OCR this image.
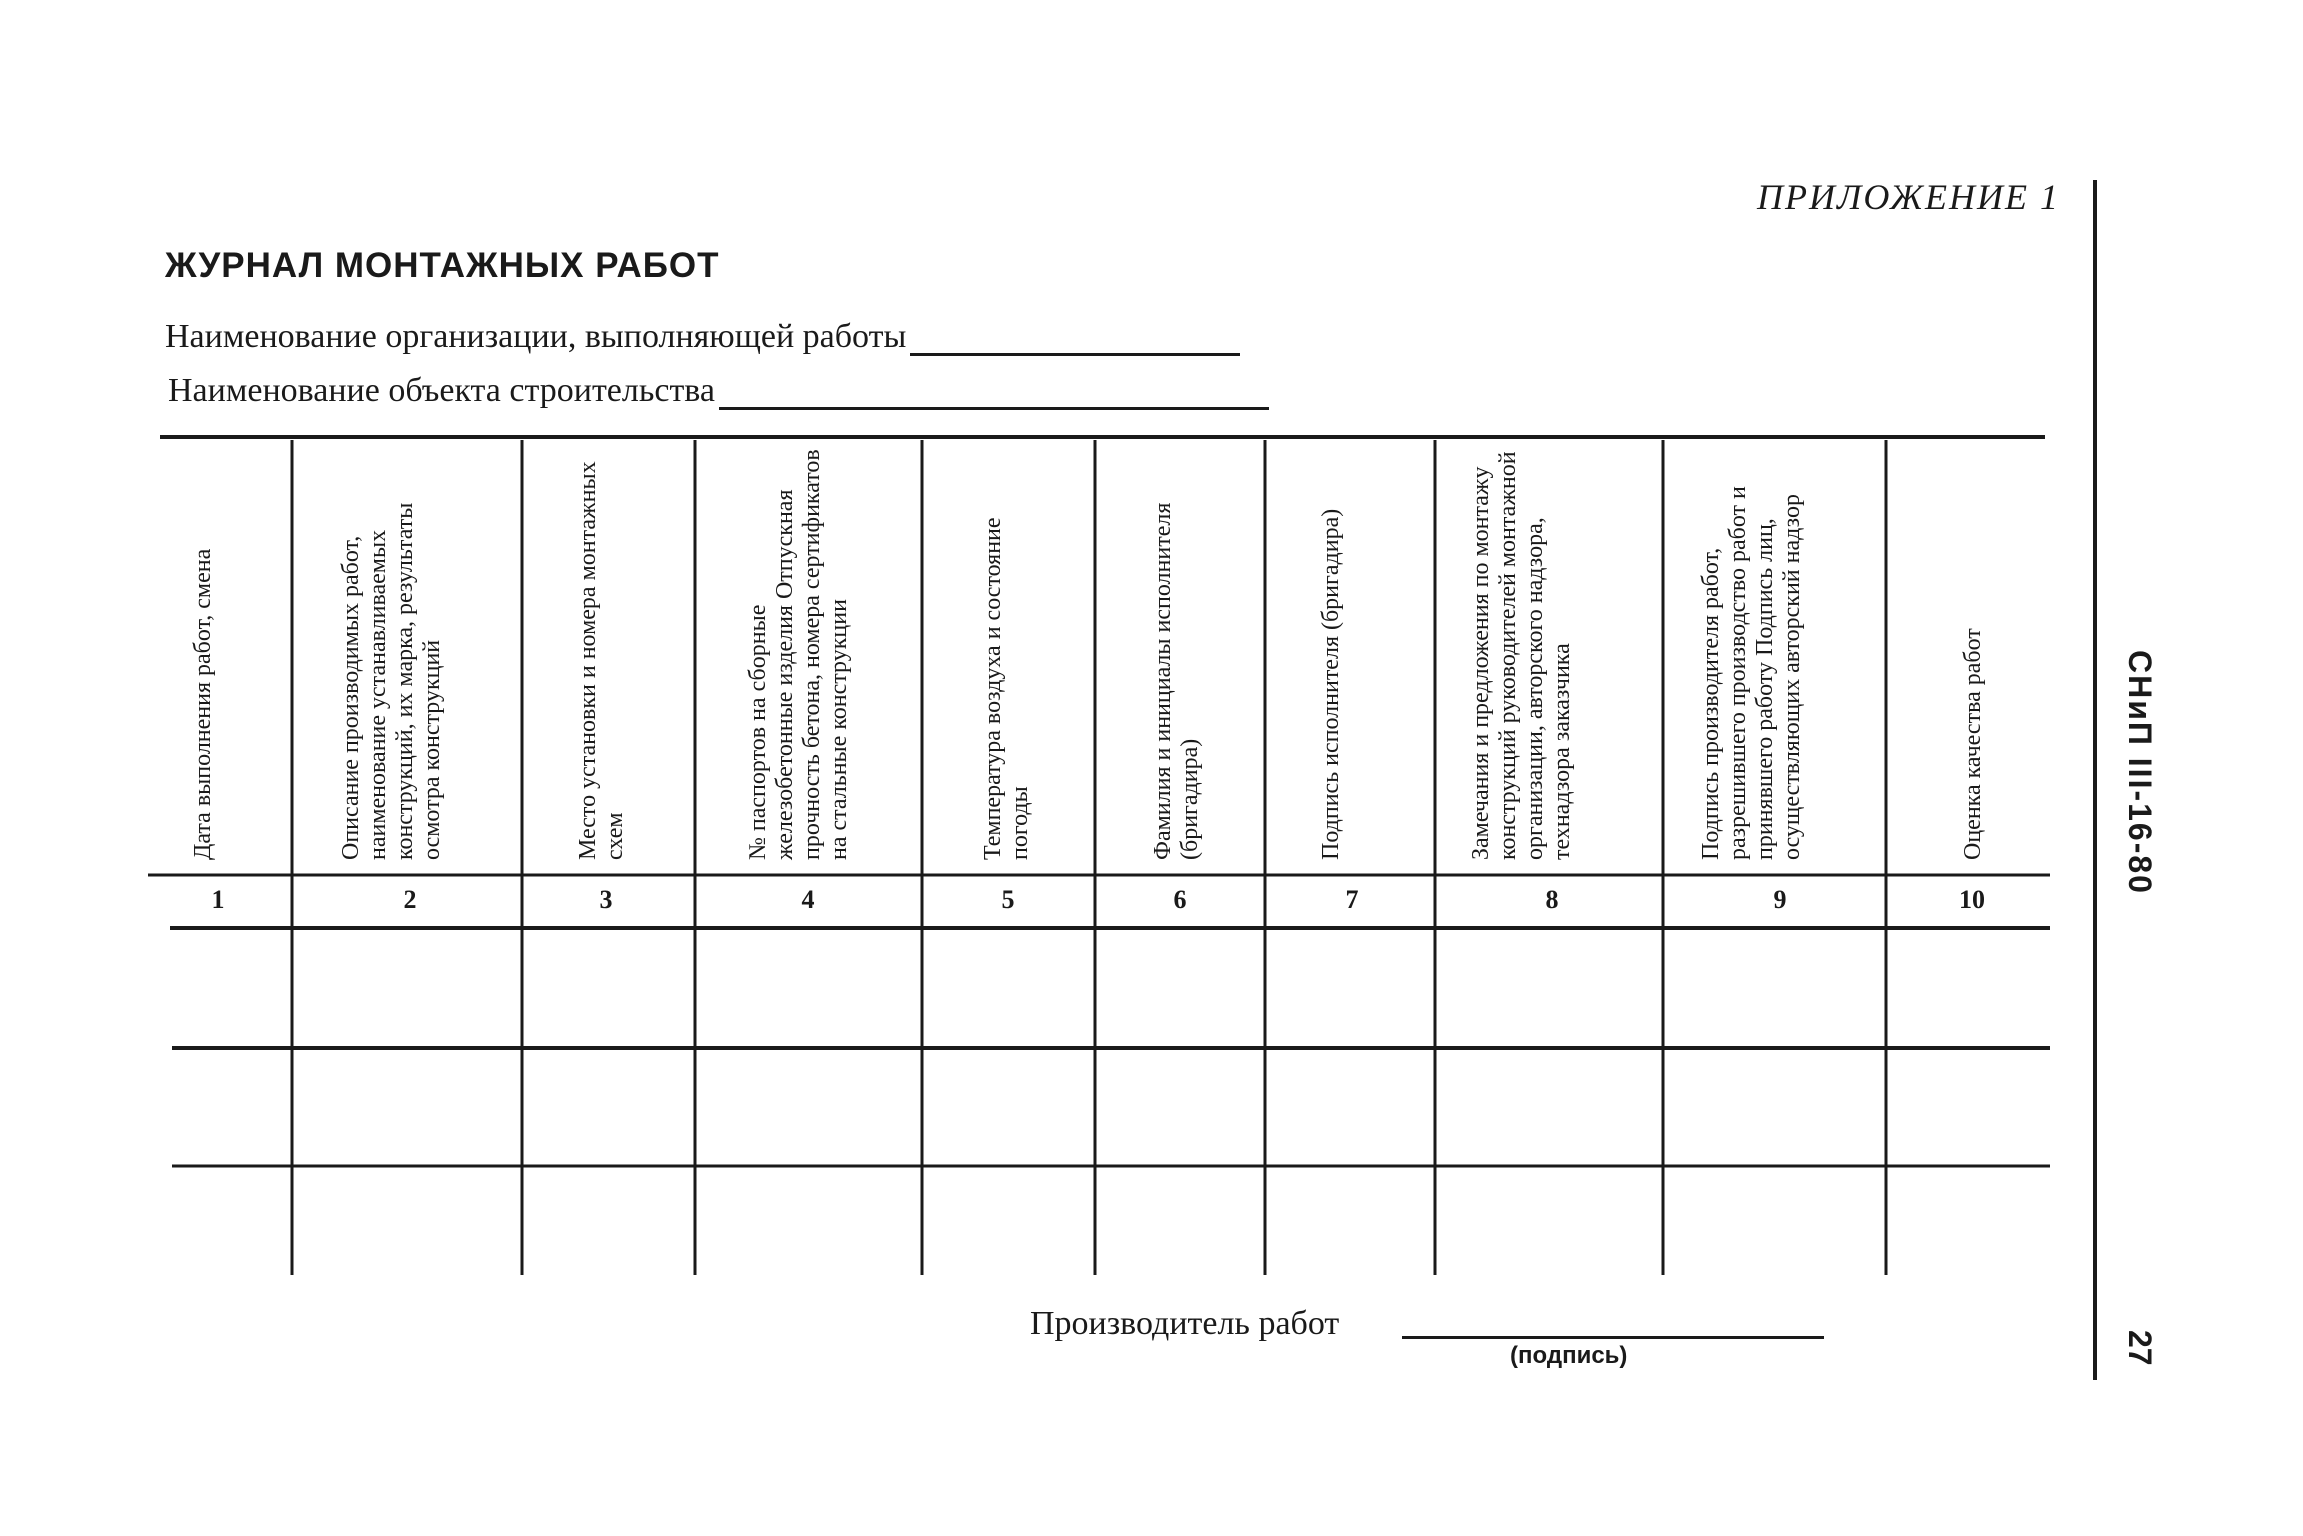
ПРИЛОЖЕНИЕ 1
ЖУРНАЛ МОНТАЖНЫХ РАБОТ
Наименование организации, выполняющей работы
Наименование объекта строительства
Дата выполнения работ, смена	Описание производимых работ, наименование устанавливаемых конструкций, их марка, результаты осмотра конструкций	Место установки и номера монтажных схем	№ паспортов на сборные железобетонные изделия Отпускная прочность бетона, номера сертификатов на стальные конструкции	Температура воздуха и состояние погоды	Фамилия и инициалы исполнителя (бригадира)	Подпись исполнителя (бригадира)	Замечания и предложения по монтажу конструкций руководителей монтажной организации, авторского надзора, технадзора заказчика	Подпись производителя работ, разрешившего производство работ и принявшего работу Подпись лиц, осуществляющих авторский надзор	Оценка качества работ
1	2	3	4	5	6	7	8	9	10
СНиП III-16-80
27
Производитель работ
(подпись)
